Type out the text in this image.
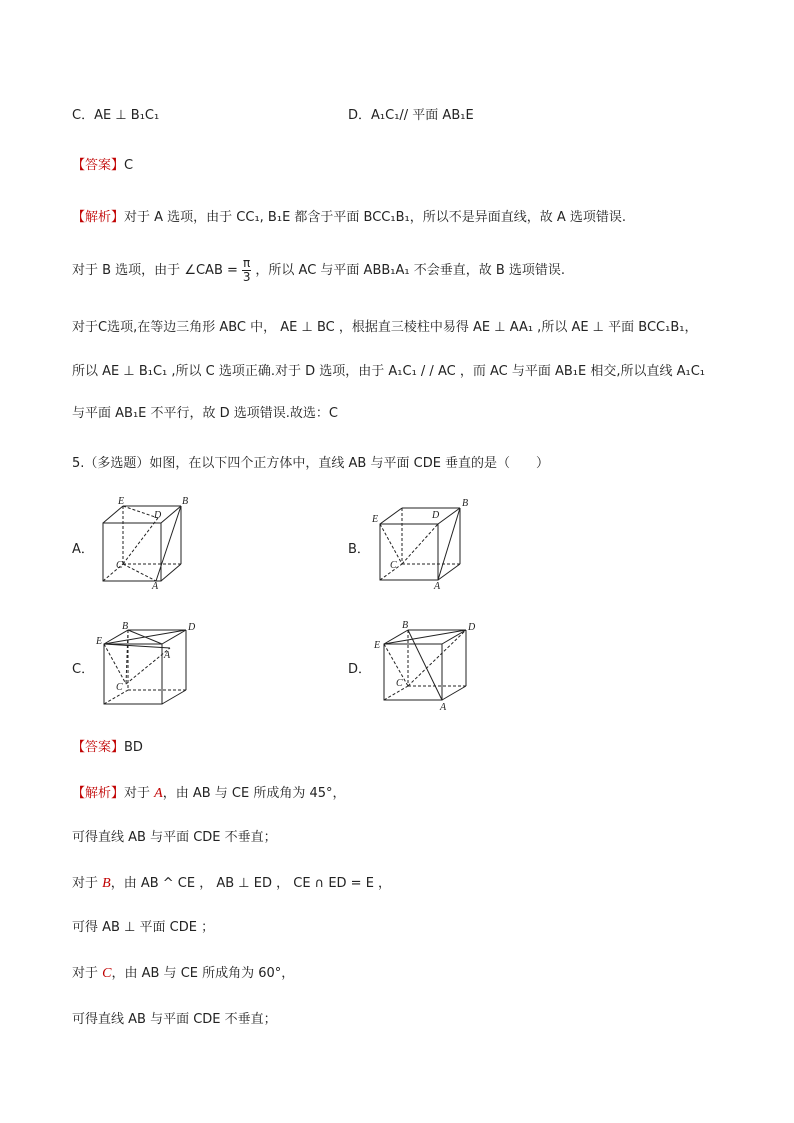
C．AE ⊥ B₁C₁	D．A₁C₁// 平面 AB₁E
【答案】C
【解析】对于 A 选项，由于 CC₁, B₁E 都含于平面 BCC₁B₁，所以不是异面直线，故 A 选项错误.
对于 B 选项，由于 ∠CAB = $\frac{\pi}{3}$ ，所以 AC 与平面 ABB₁A₁ 不会垂直，故 B 选项错误.
对于C选项,在等边三角形 ABC 中， AE ⊥ BC ，根据直三棱柱中易得 AE ⊥ AA₁ ,所以 AE ⊥ 平面 BCC₁B₁，
所以 AE ⊥ B₁C₁ ,所以 C 选项正确.对于 D 选项，由于 A₁C₁ / / AC ，而 AC 与平面 AB₁E 相交,所以直线 A₁C₁
与平面 AB₁E 不平行，故 D 选项错误.故选：C
5.（多选题）如图，在以下四个正方体中，直线 AB 与平面 CDE 垂直的是（　　）
A．	B．
C．	D．
E
D
B
C
A
E	D
B
C
A
B
E
D
A
C
B
E
D
C
A
【答案】BD
【解析】对于 A，由 AB 与 CE 所成角为 45°，
可得直线 AB 与平面 CDE 不垂直；
对于 B，由 AB ^ CE ， AB ⊥ ED ， CE ∩ ED = E ，
可得 AB ⊥ 平面 CDE ；
对于 C，由 AB 与 CE 所成角为 60°，
可得直线 AB 与平面 CDE 不垂直；
